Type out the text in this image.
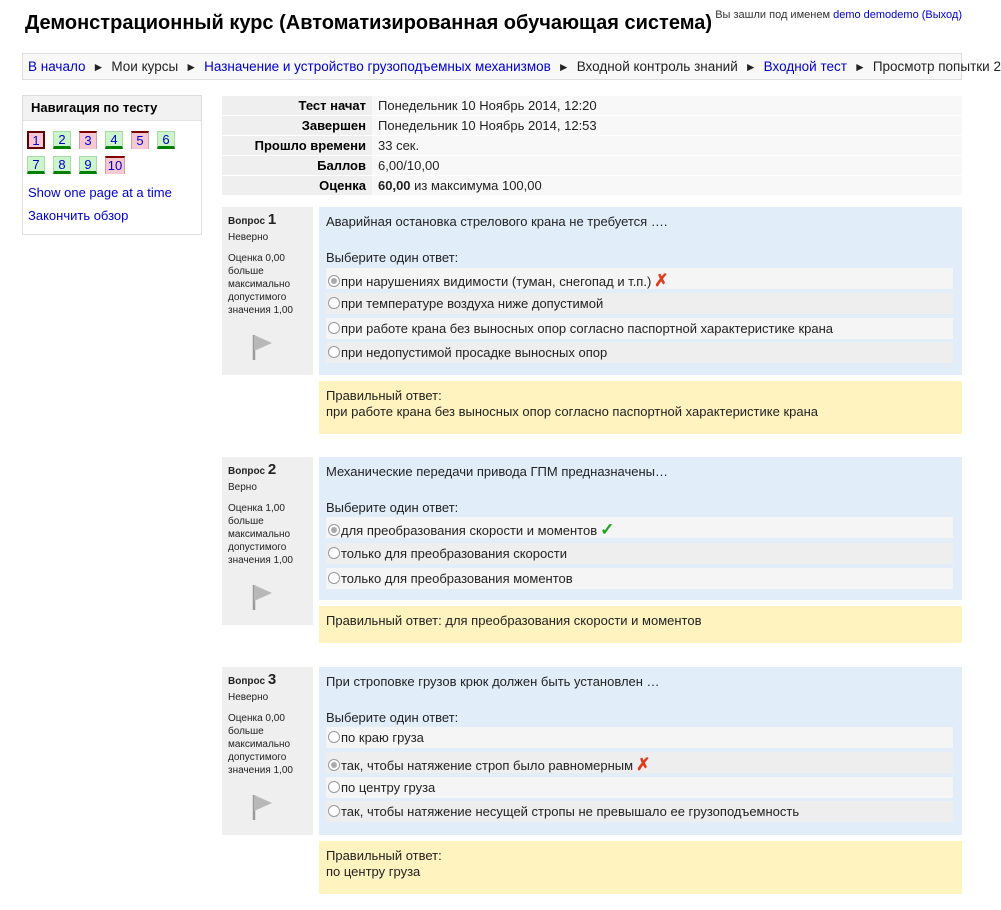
Демонстрационный курс (Автоматизированная обучающая система) Вы зашли под именем demo demodemo (Выход)
В начало ► Мои курсы ► Назначение и устройство грузоподъемных механизмов ► Входной контроль знаний ► Входной тест ► Просмотр попытки 2
Навигация по тесту
1	2	3	4	5	6
7	8	9	10
Show one page at a time
Закончить обзор
Тест начат	Понедельник 10 Ноябрь 2014, 12:20
Завершен	Понедельник 10 Ноябрь 2014, 12:53
Прошло времени	33 сек.
Баллов	6,00/10,00
Оценка	60,00 из максимума 100,00
Вопрос 1
Неверно
Оценка 0,00 больше максимально допустимого значения 1,00
Аварийная остановка стрелового крана не требуется ….
Выберите один ответ:
при нарушениях видимости (туман, снегопад и т.п.) ✗
при температуре воздуха ниже допустимой
при работе крана без выносных опор согласно паспортной характеристике крана
при недопустимой просадке выносных опор
Правильный ответ:
при работе крана без выносных опор согласно паспортной характеристике крана
Вопрос 2
Верно
Оценка 1,00 больше максимально допустимого значения 1,00
Механические передачи привода ГПМ предназначены…
Выберите один ответ:
для преобразования скорости и моментов ✓
только для преобразования скорости
только для преобразования моментов
Правильный ответ: для преобразования скорости и моментов
Вопрос 3
Неверно
Оценка 0,00 больше максимально допустимого значения 1,00
При строповке грузов крюк должен быть установлен …
Выберите один ответ:
по краю груза
так, чтобы натяжение строп было равномерным ✗
по центру груза
так, чтобы натяжение несущей стропы не превышало ее грузоподъемность
Правильный ответ:
по центру груза
